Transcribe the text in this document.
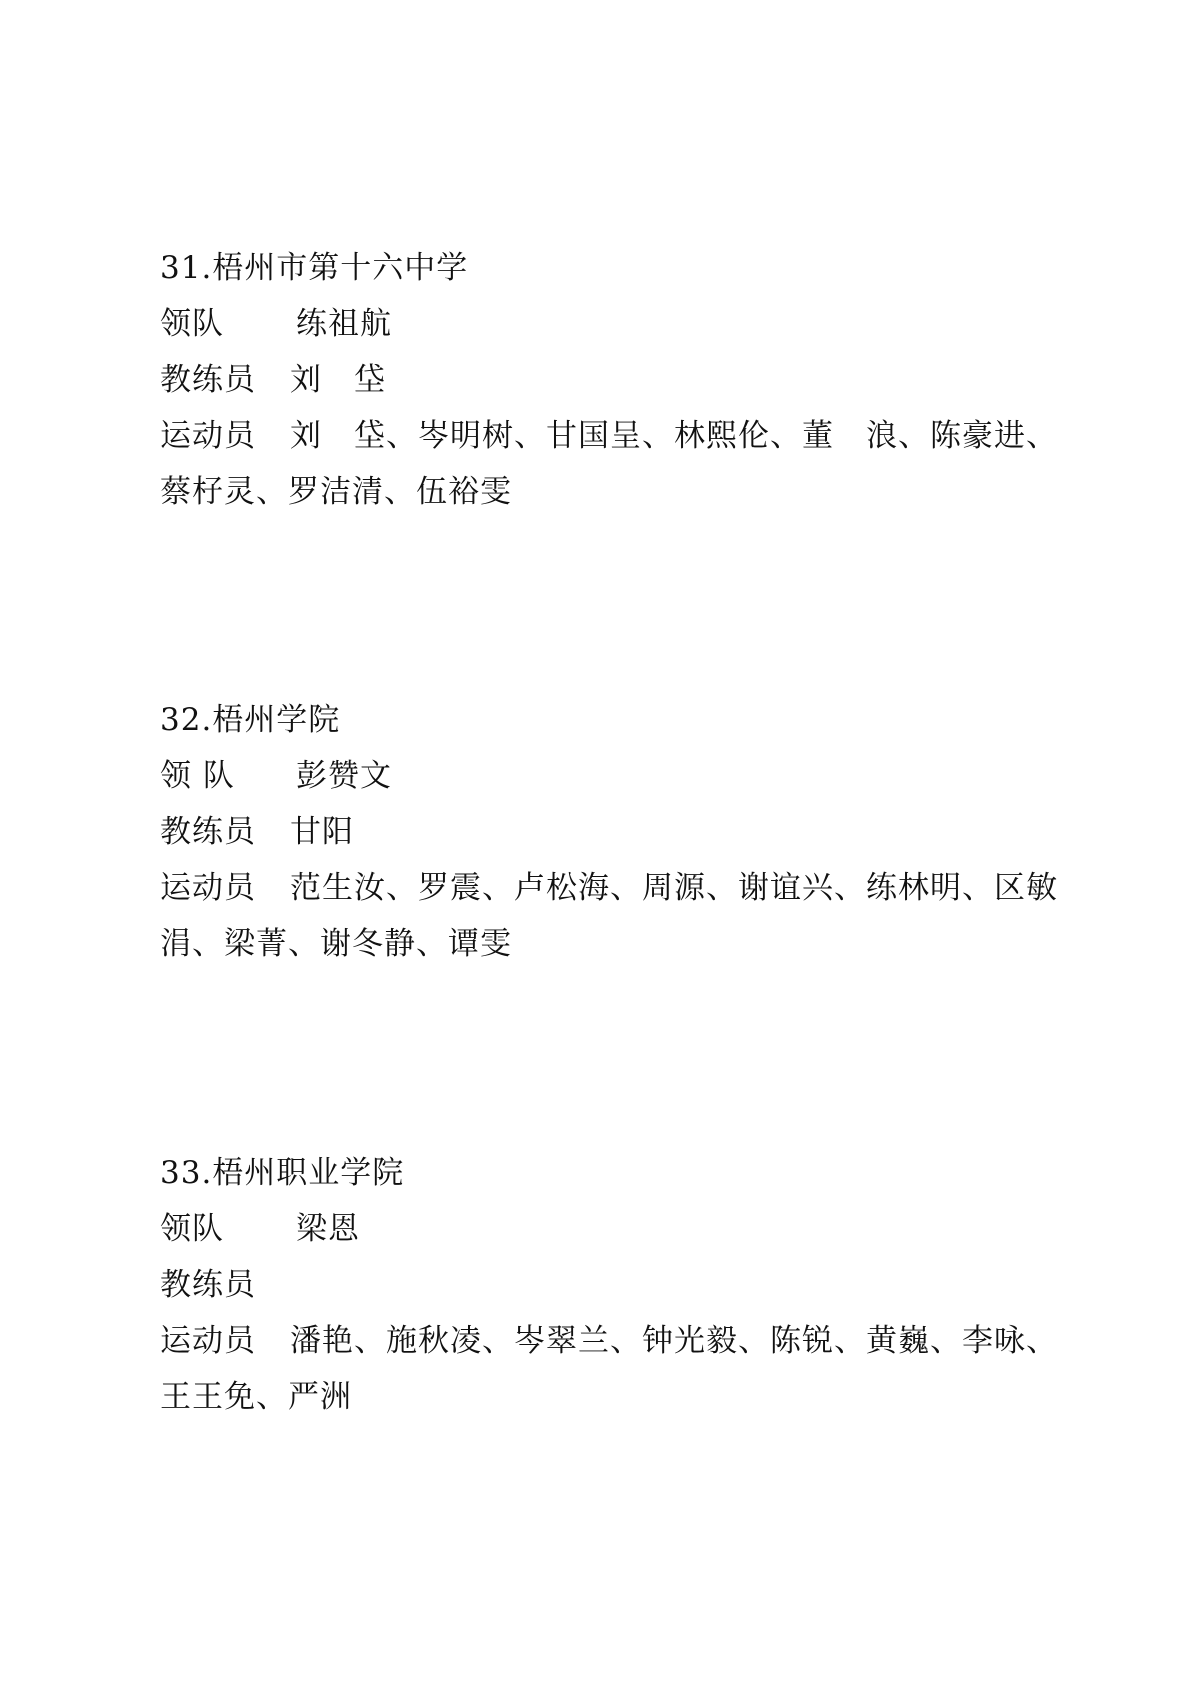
31.梧州市第十六中学
领队	练祖航
教练员	刘　垈
运动员 刘　垈、岑明树、甘国呈、林熙伦、董　浪、陈豪进、蔡杍灵、罗洁清、伍裕雯
32.梧州学院
领 队	彭赞文
教练员	甘阳
运动员 范生汝、罗震、卢松海、周源、谢谊兴、练林明、区敏涓、梁菁、谢冬静、谭雯
33.梧州职业学院
领队	梁恩
教练员
运动员 潘艳、施秋凌、岑翠兰、钟光毅、陈锐、黄巍、李咏、王王免、严洲
